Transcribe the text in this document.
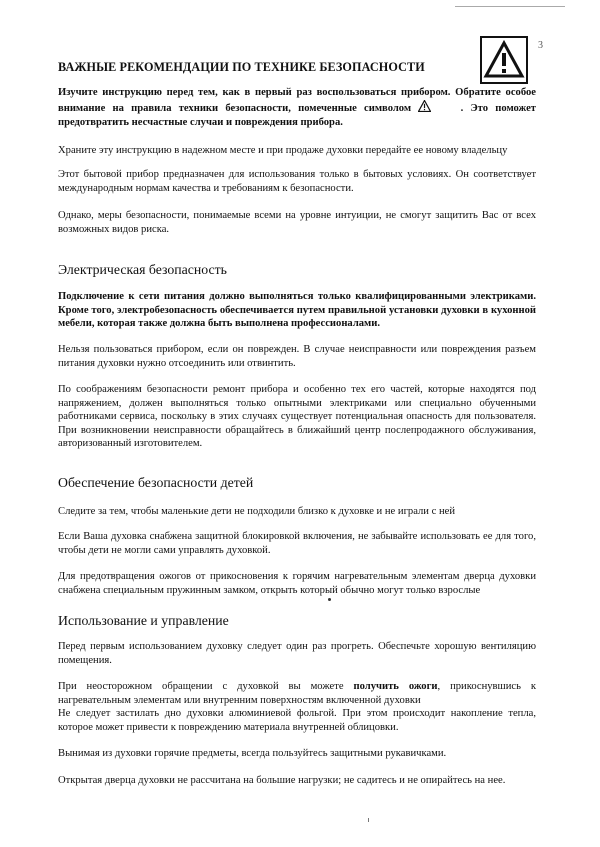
3
ВАЖНЫЕ РЕКОМЕНДАЦИИ ПО ТЕХНИКЕ БЕЗОПАСНОСТИ
Изучите инструкцию перед тем, как в первый раз воспользоваться прибором. Обратите особое внимание на правила техники безопасности, помеченные символом	. Это поможет предотвратить несчастные случаи и повреждения прибора.
Храните эту инструкцию в надежном месте и при продаже духовки передайте ее новому владельцу
Этот бытовой прибор предназначен для использования только в бытовых условиях. Он соответствует международным нормам качества и требованиям к безопасности.
Однако, меры безопасности, понимаемые всеми на уровне интуиции, не смогут защитить Вас от всех возможных видов риска.
Электрическая безопасность
Подключение к сети питания должно выполняться только квалифицированными электриками. Кроме того, электробезопасность обеспечивается путем правильной установки духовки в кухонной мебели, которая также должна быть выполнена профессионалами.
Нельзя пользоваться прибором, если он поврежден. В случае неисправности или повреждения разъем питания духовки нужно отсоединить или отвинтить.
По соображениям безопасности ремонт прибора и особенно тех его частей, которые находятся под напряжением, должен выполняться только опытными электриками или специально обученными работниками сервиса, поскольку в этих случаях существует потенциальная опасность для пользователя. При возникновении неисправности обращайтесь в ближайший центр послепродажного обслуживания, авторизованный изготовителем.
Обеспечение безопасности детей
Следите за тем, чтобы маленькие дети не подходили близко к духовке и не играли с ней
Если Ваша духовка снабжена защитной блокировкой включения, не забывайте использовать ее для того, чтобы дети не могли сами управлять духовкой.
Для предотвращения ожогов от прикосновения к горячим нагревательным элементам дверца духовки снабжена специальным пружинным замком, открыть который обычно могут только взрослые
Использование и управление
Перед первым использованием духовку следует один раз прогреть. Обеспечьте хорошую вентиляцию помещения.
При неосторожном обращении с духовкой вы можете получить ожоги, прикоснувшись к нагревательным элементам или внутренним поверхностям включенной духовки
Не следует застилать дно духовки алюминиевой фольгой. При этом происходит накопление тепла, которое может привести к повреждению материала внутренней облицовки.
Вынимая из духовки горячие предметы, всегда пользуйтесь защитными рукавичками.
Открытая дверца духовки не рассчитана на большие нагрузки; не садитесь и не опирайтесь на нее.
